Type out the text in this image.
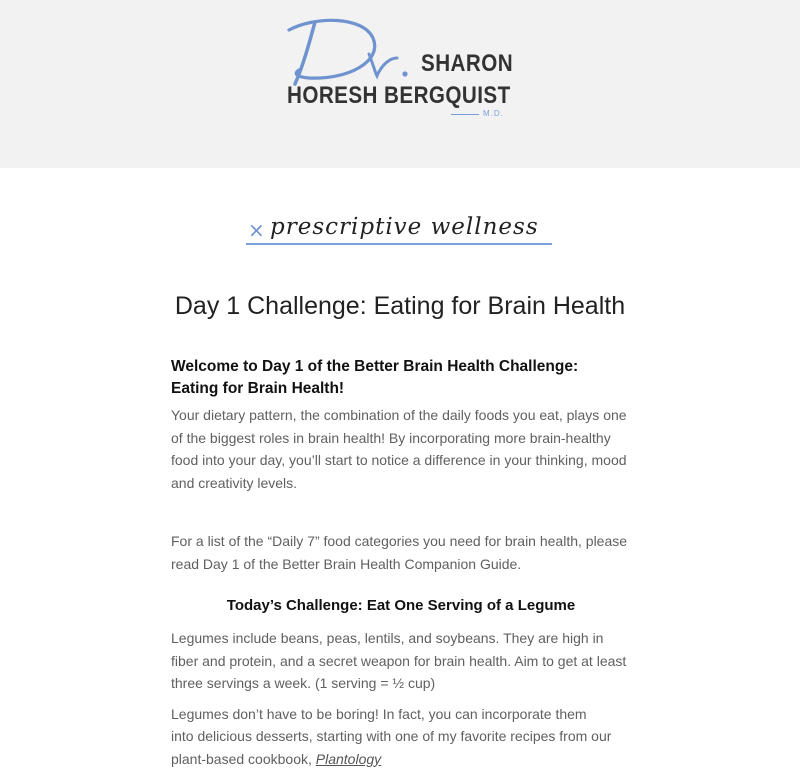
SHARON
HORESH BERGQUIST
M.D.
× prescriptive wellness
Day 1 Challenge: Eating for Brain Health
Welcome to Day 1 of the Better Brain Health Challenge:
Eating for Brain Health!

Your dietary pattern, the combination of the daily foods you eat, plays one of the biggest roles in brain health! By incorporating more brain-healthy food into your day, you’ll start to notice a difference in your thinking, mood and creativity levels.

For a list of the “Daily 7” food categories you need for brain health, please read Day 1 of the Better Brain Health Companion Guide.

Today’s Challenge: Eat One Serving of a Legume

Legumes include beans, peas, lentils, and soybeans. They are high in fiber and protein, and a secret weapon for brain health. Aim to get at least three servings a week. (1 serving = ½ cup)

Legumes don’t have to be boring! In fact, you can incorporate them
into delicious desserts, starting with one of my favorite recipes from our plant-based cookbook, Plantology
